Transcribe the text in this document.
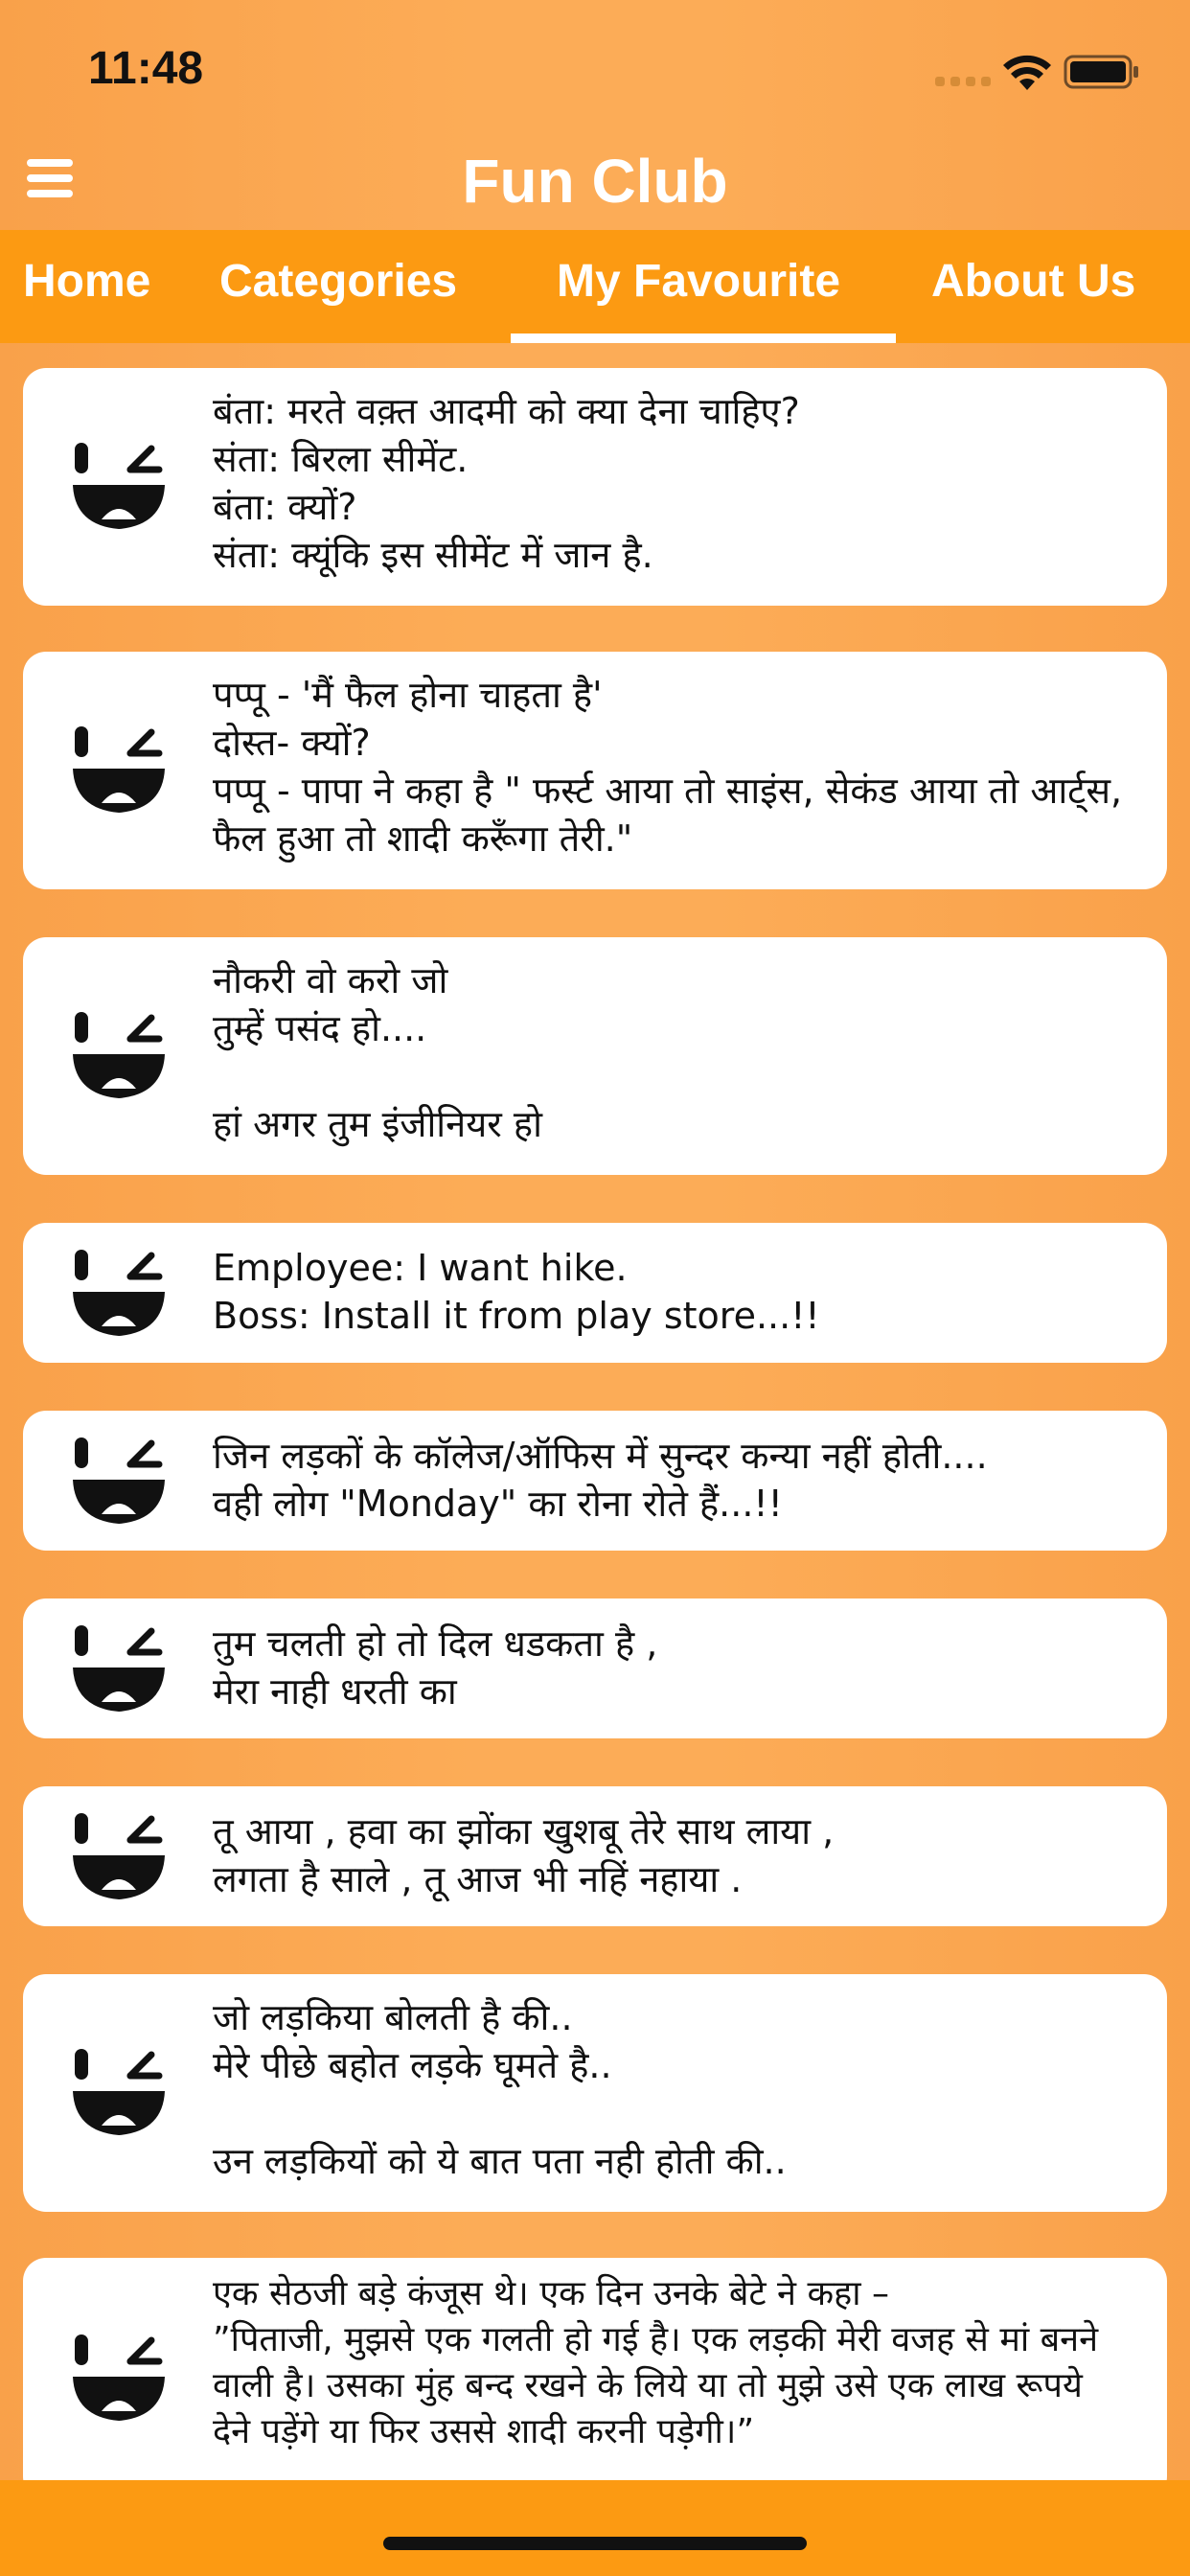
11:48
Fun Club
Home Categories My Favourite About Us
बंता: मरते वक़्त आदमी को क्या देना चाहिए?
संता: बिरला सीमेंट.
बंता: क्यों?
संता: क्यूंकि इस सीमेंट में जान है.
पप्पू - 'मैं फैल होना चाहता है'
दोस्त- क्यों?
पप्पू - पापा ने कहा है " फर्स्ट आया तो साइंस, सेकंड आया तो आर्ट्स, फैल हुआ तो शादी करूँगा तेरी."
नौकरी वो करो जो
तुम्हें पसंद हो....

हां अगर तुम इंजीनियर हो
Employee: I want hike.
Boss: Install it from play store...!!
जिन लड़कों के कॉलेज/ऑफिस में सुन्दर कन्या नहीं होती....
वही लोग "Monday" का रोना रोते हैं...!!
तुम चलती हो तो दिल धडकता है ,
मेरा नाही धरती का
तू आया , हवा का झोंका खुशबू तेरे साथ लाया ,
लगता है साले , तू आज भी नहिं नहाया .
जो लड़किया बोलती है की..
मेरे पीछे बहोत लड़के घूमते है..

उन लड़कियों को ये बात पता नही होती की..
एक सेठजी बड़े कंजूस थे। एक दिन उनके बेटे ने कहा –
”पिताजी, मुझसे एक गलती हो गई है। एक लड़की मेरी वजह से मां बनने वाली है। उसका मुंह बन्द रखने के लिये या तो मुझे उसे एक लाख रूपये देने पड़ेंगे या फिर उससे शादी करनी पड़ेगी।”
